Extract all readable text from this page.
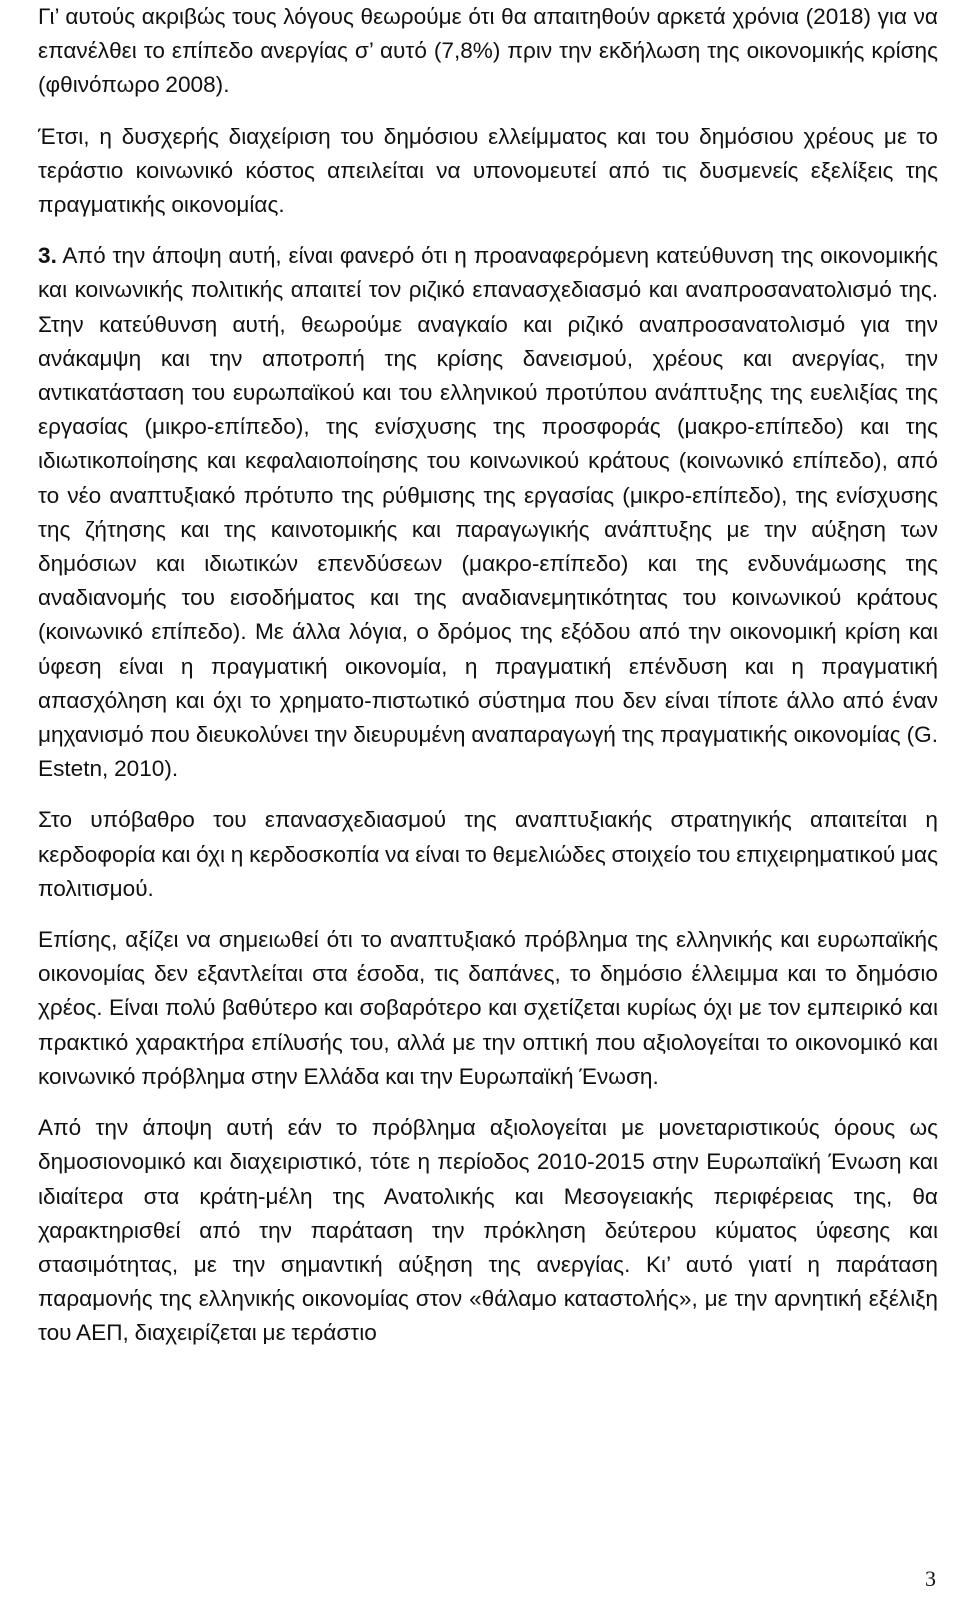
Γι’ αυτούς ακριβώς τους λόγους θεωρούμε ότι θα απαιτηθούν αρκετά χρόνια (2018) για να επανέλθει το επίπεδο ανεργίας σ’ αυτό (7,8%) πριν την εκδήλωση της οικονομικής κρίσης (φθινόπωρο 2008).

Έτσι, η δυσχερής διαχείριση του δημόσιου ελλείμματος και του δημόσιου χρέους με το τεράστιο κοινωνικό κόστος απειλείται να υπονομευτεί από τις δυσμενείς εξελίξεις της πραγματικής οικονομίας.

3. Από την άποψη αυτή, είναι φανερό ότι η προαναφερόμενη κατεύθυνση της οικονομικής και κοινωνικής πολιτικής απαιτεί τον ριζικό επανασχεδιασμό και αναπροσανατολισμό της. Στην κατεύθυνση αυτή, θεωρούμε αναγκαίο και ριζικό αναπροσανατολισμό για την ανάκαμψη και την αποτροπή της κρίσης δανεισμού, χρέους και ανεργίας, την αντικατάσταση του ευρωπαϊκού και του ελληνικού προτύπου ανάπτυξης της ευελιξίας της εργασίας (μικρο-επίπεδο), της ενίσχυσης της προσφοράς (μακρο-επίπεδο) και της ιδιωτικοποίησης και κεφαλαιοποίησης του κοινωνικού κράτους (κοινωνικό επίπεδο), από το νέο αναπτυξιακό πρότυπο της ρύθμισης της εργασίας (μικρο-επίπεδο), της ενίσχυσης της ζήτησης και της καινοτομικής και παραγωγικής ανάπτυξης με την αύξηση των δημόσιων και ιδιωτικών επενδύσεων (μακρο-επίπεδο) και της ενδυνάμωσης της αναδιανομής του εισοδήματος και της αναδιανεμητικότητας του κοινωνικού κράτους (κοινωνικό επίπεδο). Με άλλα λόγια, ο δρόμος της εξόδου από την οικονομική κρίση και ύφεση είναι η πραγματική οικονομία, η πραγματική επένδυση και η πραγματική απασχόληση και όχι το χρηματο-πιστωτικό σύστημα που δεν είναι τίποτε άλλο από έναν μηχανισμό που διευκολύνει την διευρυμένη αναπαραγωγή της πραγματικής οικονομίας (G. Estetn, 2010).

Στο υπόβαθρο του επανασχεδιασμού της αναπτυξιακής στρατηγικής απαιτείται η κερδοφορία και όχι η κερδοσκοπία να είναι το θεμελιώδες στοιχείο του επιχειρηματικού μας πολιτισμού.

Επίσης, αξίζει να σημειωθεί ότι το αναπτυξιακό πρόβλημα της ελληνικής και ευρωπαϊκής οικονομίας δεν εξαντλείται στα έσοδα, τις δαπάνες, το δημόσιο έλλειμμα και το δημόσιο χρέος. Είναι πολύ βαθύτερο και σοβαρότερο και σχετίζεται κυρίως όχι με τον εμπειρικό και πρακτικό χαρακτήρα επίλυσής του, αλλά με την οπτική που αξιολογείται το οικονομικό και κοινωνικό πρόβλημα στην Ελλάδα και την Ευρωπαϊκή Ένωση.

Από την άποψη αυτή εάν το πρόβλημα αξιολογείται με μονεταριστικούς όρους ως δημοσιονομικό και διαχειριστικό, τότε η περίοδος 2010-2015 στην Ευρωπαϊκή Ένωση και ιδιαίτερα στα κράτη-μέλη της Ανατολικής και Μεσογειακής περιφέρειας της, θα χαρακτηρισθεί από την παράταση την πρόκληση δεύτερου κύματος ύφεσης και στασιμότητας, με την σημαντική αύξηση της ανεργίας. Κι’ αυτό γιατί η παράταση παραμονής της ελληνικής οικονομίας στον «θάλαμο καταστολής», με την αρνητική εξέλιξη του ΑΕΠ, διαχειρίζεται με τεράστιο

3
